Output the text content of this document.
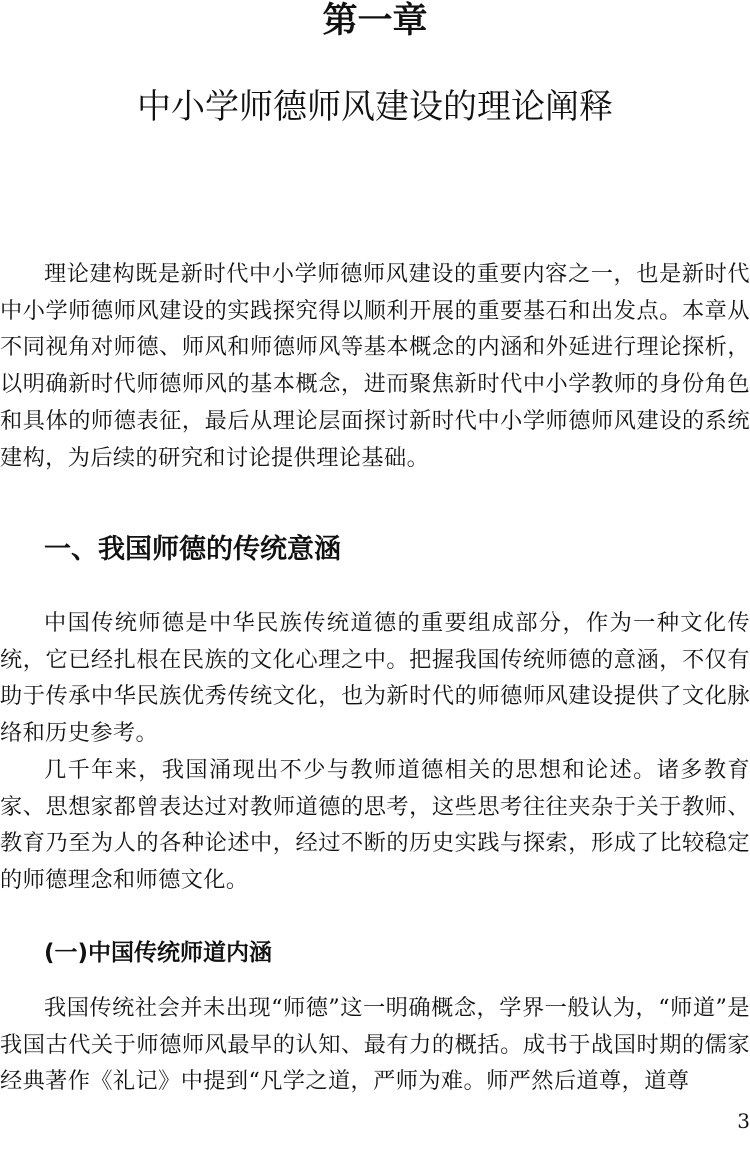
第一章
中小学师德师风建设的理论阐释

理论建构既是新时代中小学师德师风建设的重要内容之一，也是新时代中小学师德师风建设的实践探究得以顺利开展的重要基石和出发点。本章从不同视角对师德、师风和师德师风等基本概念的内涵和外延进行理论探析，以明确新时代师德师风的基本概念，进而聚焦新时代中小学教师的身份角色和具体的师德表征，最后从理论层面探讨新时代中小学师德师风建设的系统建构，为后续的研究和讨论提供理论基础。

一、我国师德的传统意涵

中国传统师德是中华民族传统道德的重要组成部分，作为一种文化传统，它已经扎根在民族的文化心理之中。把握我国传统师德的意涵，不仅有助于传承中华民族优秀传统文化，也为新时代的师德师风建设提供了文化脉络和历史参考。

几千年来，我国涌现出不少与教师道德相关的思想和论述。诸多教育家、思想家都曾表达过对教师道德的思考，这些思考往往夹杂于关于教师、教育乃至为人的各种论述中，经过不断的历史实践与探索，形成了比较稳定的师德理念和师德文化。

(一)中国传统师道内涵

我国传统社会并未出现“师德”这一明确概念，学界一般认为，“师道”是我国古代关于师德师风最早的认知、最有力的概括。成书于战国时期的儒家经典著作《礼记》中提到“凡学之道，严师为难。师严然后道尊，道尊

3
